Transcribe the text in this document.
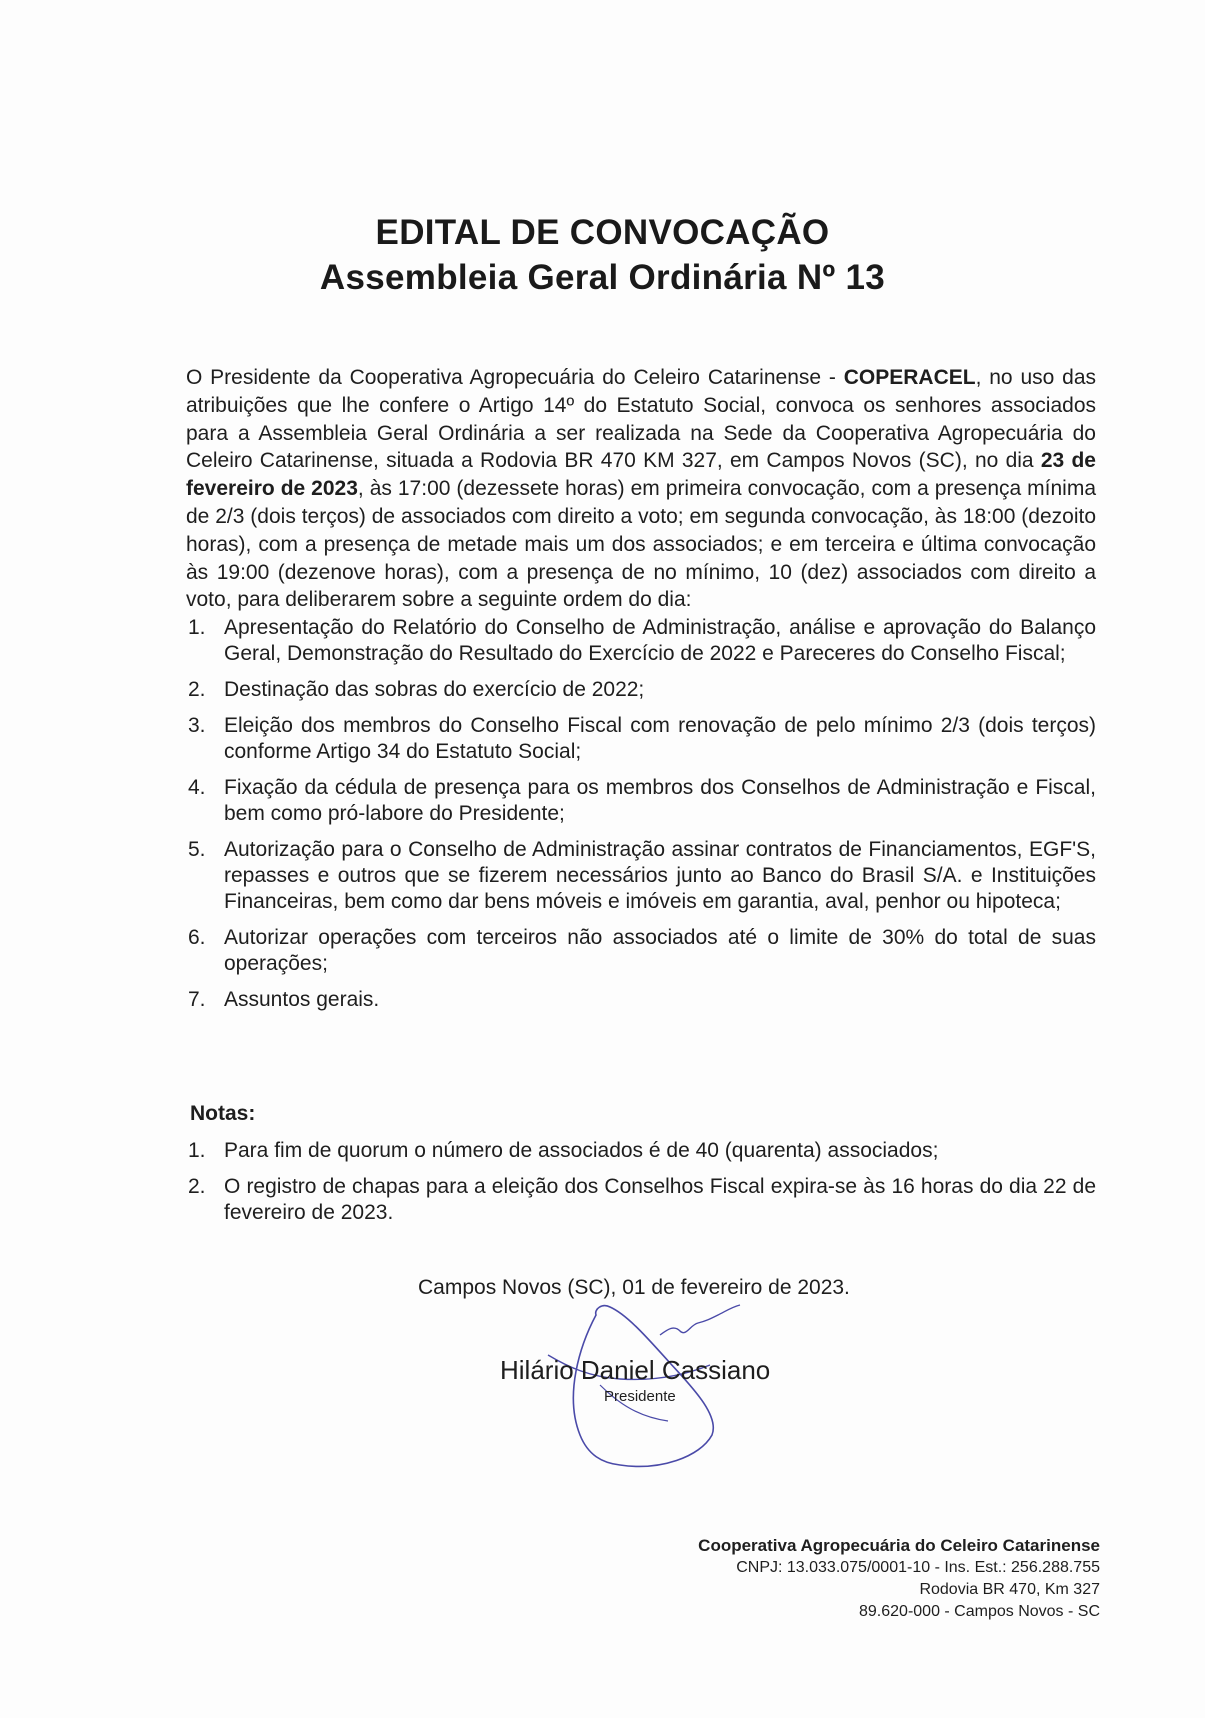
EDITAL DE CONVOCAÇÃO
Assembleia Geral Ordinária Nº 13

O Presidente da Cooperativa Agropecuária do Celeiro Catarinense - COPERACEL, no uso das atribuições que lhe confere o Artigo 14º do Estatuto Social, convoca os senhores associados para a Assembleia Geral Ordinária a ser realizada na Sede da Cooperativa Agropecuária do Celeiro Catarinense, situada a Rodovia BR 470 KM 327, em Campos Novos (SC), no dia 23 de fevereiro de 2023, às 17:00 (dezessete horas) em primeira convocação, com a presença mínima de 2/3 (dois terços) de associados com direito a voto; em segunda convocação, às 18:00 (dezoito horas), com a presença de metade mais um dos associados; e em terceira e última convocação às 19:00 (dezenove horas), com a presença de no mínimo, 10 (dez) associados com direito a voto, para deliberarem sobre a seguinte ordem do dia:

1. Apresentação do Relatório do Conselho de Administração, análise e aprovação do Balanço Geral, Demonstração do Resultado do Exercício de 2022 e Pareceres do Conselho Fiscal;
2. Destinação das sobras do exercício de 2022;
3. Eleição dos membros do Conselho Fiscal com renovação de pelo mínimo 2/3 (dois terços) conforme Artigo 34 do Estatuto Social;
4. Fixação da cédula de presença para os membros dos Conselhos de Administração e Fiscal, bem como pró-labore do Presidente;
5. Autorização para o Conselho de Administração assinar contratos de Financiamentos, EGF'S, repasses e outros que se fizerem necessários junto ao Banco do Brasil S/A. e Instituições Financeiras, bem como dar bens móveis e imóveis em garantia, aval, penhor ou hipoteca;
6. Autorizar operações com terceiros não associados até o limite de 30% do total de suas operações;
7. Assuntos gerais.

Notas:

1. Para fim de quorum o número de associados é de 40 (quarenta) associados;
2. O registro de chapas para a eleição dos Conselhos Fiscal expira-se às 16 horas do dia 22 de fevereiro de 2023.

Campos Novos (SC), 01 de fevereiro de 2023.

Hilário Daniel Cassiano

Presidente

Cooperativa Agropecuária do Celeiro Catarinense
CNPJ: 13.033.075/0001-10 - Ins. Est.: 256.288.755
Rodovia BR 470, Km 327
89.620-000 - Campos Novos - SC
